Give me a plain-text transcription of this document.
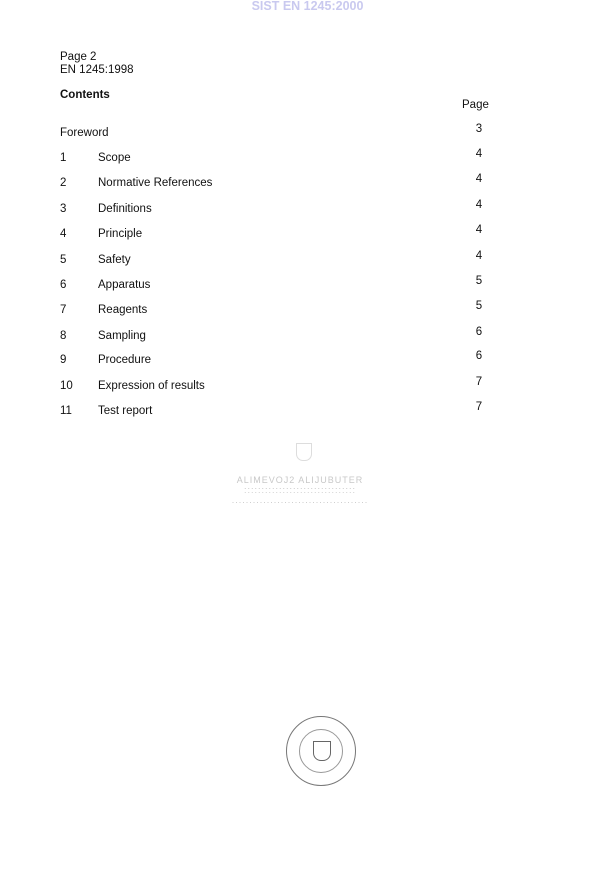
SIST EN 1245:2000
Page 2
EN 1245:1998
Contents
Page
Foreword	3
1	Scope	4
2	Normative References	4
3	Definitions	4
4	Principle	4
5	Safety	4
6	Apparatus	5
7	Reagents	5
8	Sampling	6
9	Procedure	6
10 Expression of results	7
11 Test report	7
ALIMEVOJ2 ALIJUBUTER
::::::::::::::::::::::::::::::::
.......................................
